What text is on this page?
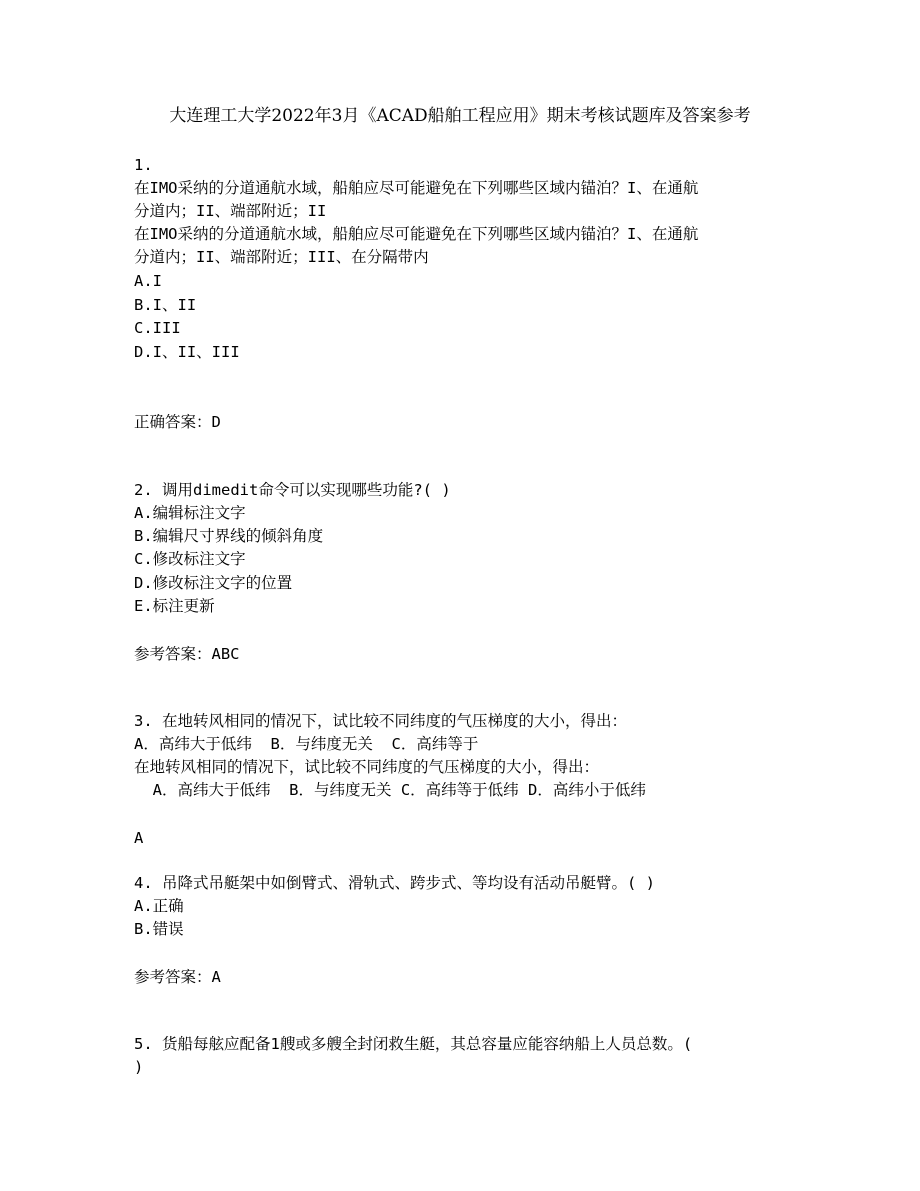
大连理工大学2022年3月《ACAD船舶工程应用》期末考核试题库及答案参考
1.
在IMO采纳的分道通航水域，船舶应尽可能避免在下列哪些区域内锚泊？I、在通航
分道内；II、端部附近；II
在IMO采纳的分道通航水域，船舶应尽可能避免在下列哪些区域内锚泊？I、在通航
分道内；II、端部附近；III、在分隔带内
A.I
B.I、II
C.III
D.I、II、III
正确答案：D
2. 调用dimedit命令可以实现哪些功能?( )
A.编辑标注文字
B.编辑尺寸界线的倾斜角度
C.修改标注文字
D.修改标注文字的位置
E.标注更新
参考答案：ABC
3. 在地转风相同的情况下，试比较不同纬度的气压梯度的大小，得出：
A．高纬大于低纬  B．与纬度无关  C．高纬等于
在地转风相同的情况下，试比较不同纬度的气压梯度的大小，得出：
A．高纬大于低纬  B．与纬度无关 C．高纬等于低纬 D．高纬小于低纬
A
4. 吊降式吊艇架中如倒臂式、滑轨式、跨步式、等均设有活动吊艇臂。( )
A.正确
B.错误
参考答案：A
5. 货船每舷应配备1艘或多艘全封闭救生艇，其总容量应能容纳船上人员总数。(
)
